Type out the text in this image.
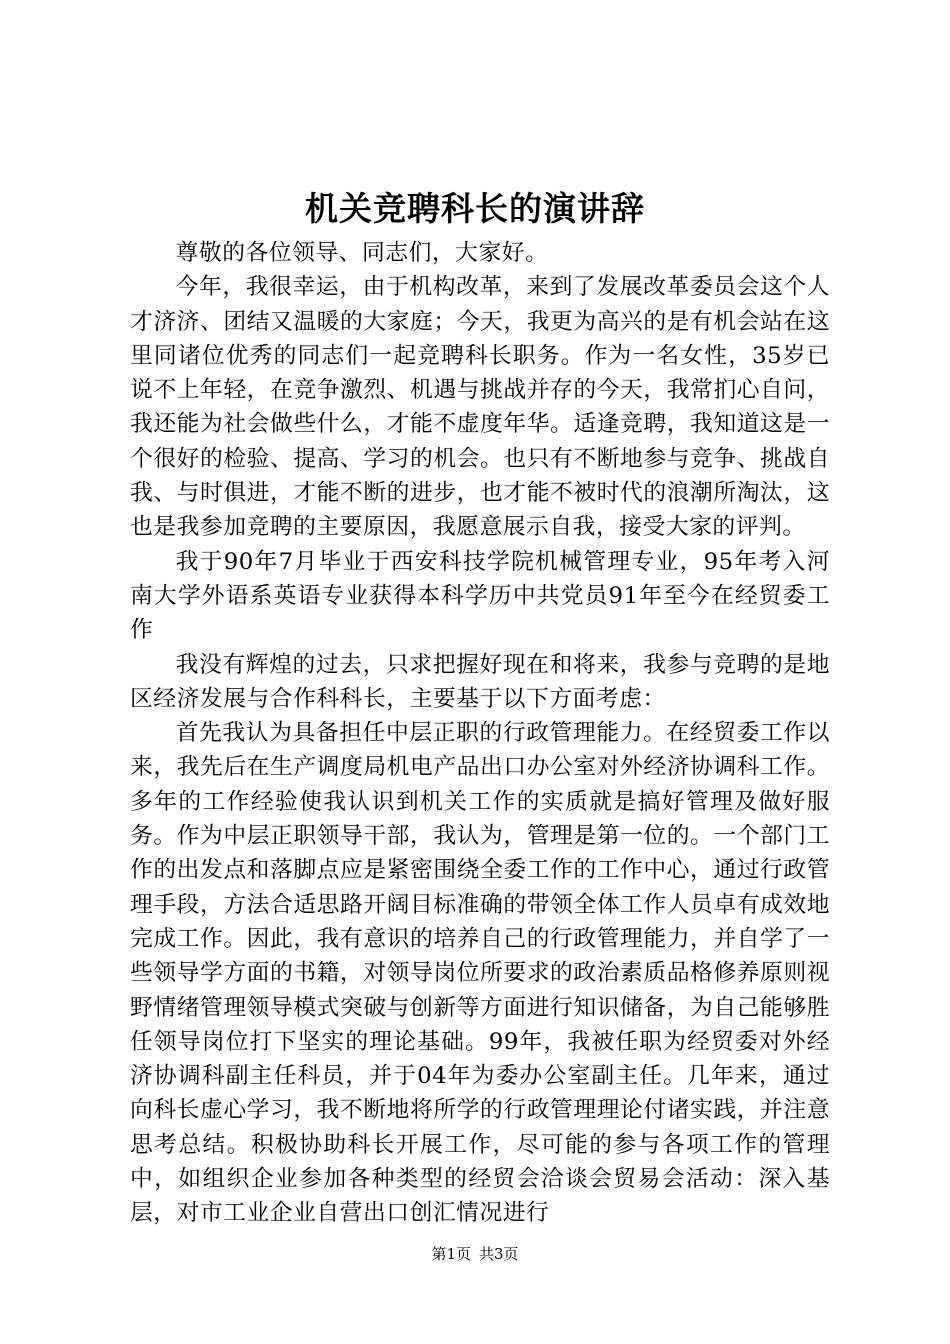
机关竞聘科长的演讲辞

尊敬的各位领导、同志们，大家好。

今年，我很幸运，由于机构改革，来到了发展改革委员会这个人才济济、团结又温暖的大家庭；今天，我更为高兴的是有机会站在这里同诸位优秀的同志们一起竞聘科长职务。作为一名女性，35岁已说不上年轻，在竞争激烈、机遇与挑战并存的今天，我常扪心自问，我还能为社会做些什么，才能不虚度年华。适逢竞聘，我知道这是一个很好的检验、提高、学习的机会。也只有不断地参与竞争、挑战自我、与时俱进，才能不断的进步，也才能不被时代的浪潮所淘汰，这也是我参加竞聘的主要原因，我愿意展示自我，接受大家的评判。

我于90年7月毕业于西安科技学院机械管理专业，95年考入河南大学外语系英语专业获得本科学历中共党员91年至今在经贸委工作

我没有辉煌的过去，只求把握好现在和将来，我参与竞聘的是地区经济发展与合作科科长，主要基于以下方面考虑：

首先我认为具备担任中层正职的行政管理能力。在经贸委工作以来，我先后在生产调度局机电产品出口办公室对外经济协调科工作。多年的工作经验使我认识到机关工作的实质就是搞好管理及做好服务。作为中层正职领导干部，我认为，管理是第一位的。一个部门工作的出发点和落脚点应是紧密围绕全委工作的工作中心，通过行政管理手段，方法合适思路开阔目标准确的带领全体工作人员卓有成效地完成工作。因此，我有意识的培养自己的行政管理能力，并自学了一些领导学方面的书籍，对领导岗位所要求的政治素质品格修养原则视野情绪管理领导模式突破与创新等方面进行知识储备，为自己能够胜任领导岗位打下坚实的理论基础。99年，我被任职为经贸委对外经济协调科副主任科员，并于04年为委办公室副主任。几年来，通过向科长虚心学习，我不断地将所学的行政管理理论付诸实践，并注意思考总结。积极协助科长开展工作，尽可能的参与各项工作的管理中，如组织企业参加各种类型的经贸会洽谈会贸易会活动：深入基层，对市工业企业自营出口创汇情况进行

第1页 共3页
